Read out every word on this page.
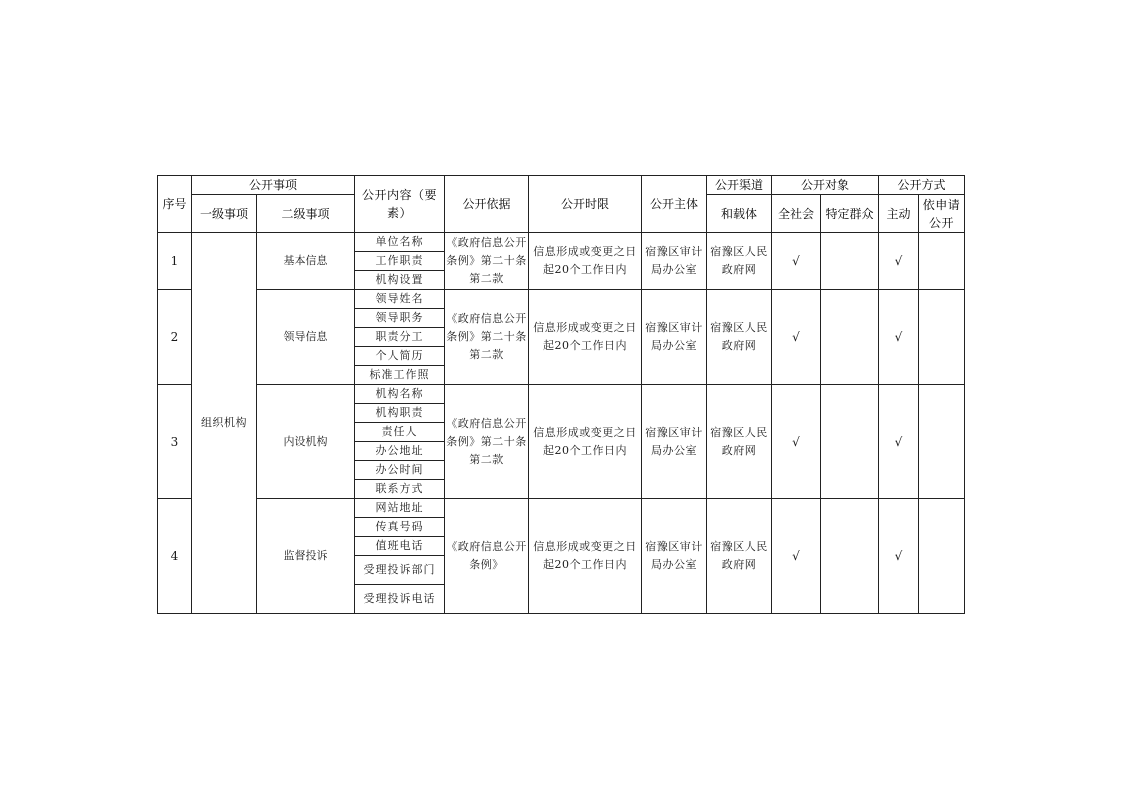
序号	公开事项		公开内容（要素）	公开依据	公开时限	公开主体	公开渠道	公开对象		公开方式	
	一级事项	二级事项					和载体	全社会	特定群众	主动	依申请公开
1	组织机构	基本信息	单位名称	《政府信息公开条例》第二十条第二款	信息形成或变更之日起20个工作日内	宿豫区审计局办公室	宿豫区人民政府网	√		√	
			工作职责								
			机构设置								
2		领导信息	领导姓名	《政府信息公开条例》第二十条第二款	信息形成或变更之日起20个工作日内	宿豫区审计局办公室	宿豫区人民政府网	√		√	
			领导职务								
			职责分工								
			个人简历								
			标准工作照								
3		内设机构	机构名称	《政府信息公开条例》第二十条第二款	信息形成或变更之日起20个工作日内	宿豫区审计局办公室	宿豫区人民政府网	√		√	
			机构职责								
			责任人								
			办公地址								
			办公时间								
			联系方式								
4		监督投诉	网站地址	《政府信息公开条例》	信息形成或变更之日起20个工作日内	宿豫区审计局办公室	宿豫区人民政府网	√		√	
			传真号码								
			值班电话								
			受理投诉部门								
			受理投诉电话								
